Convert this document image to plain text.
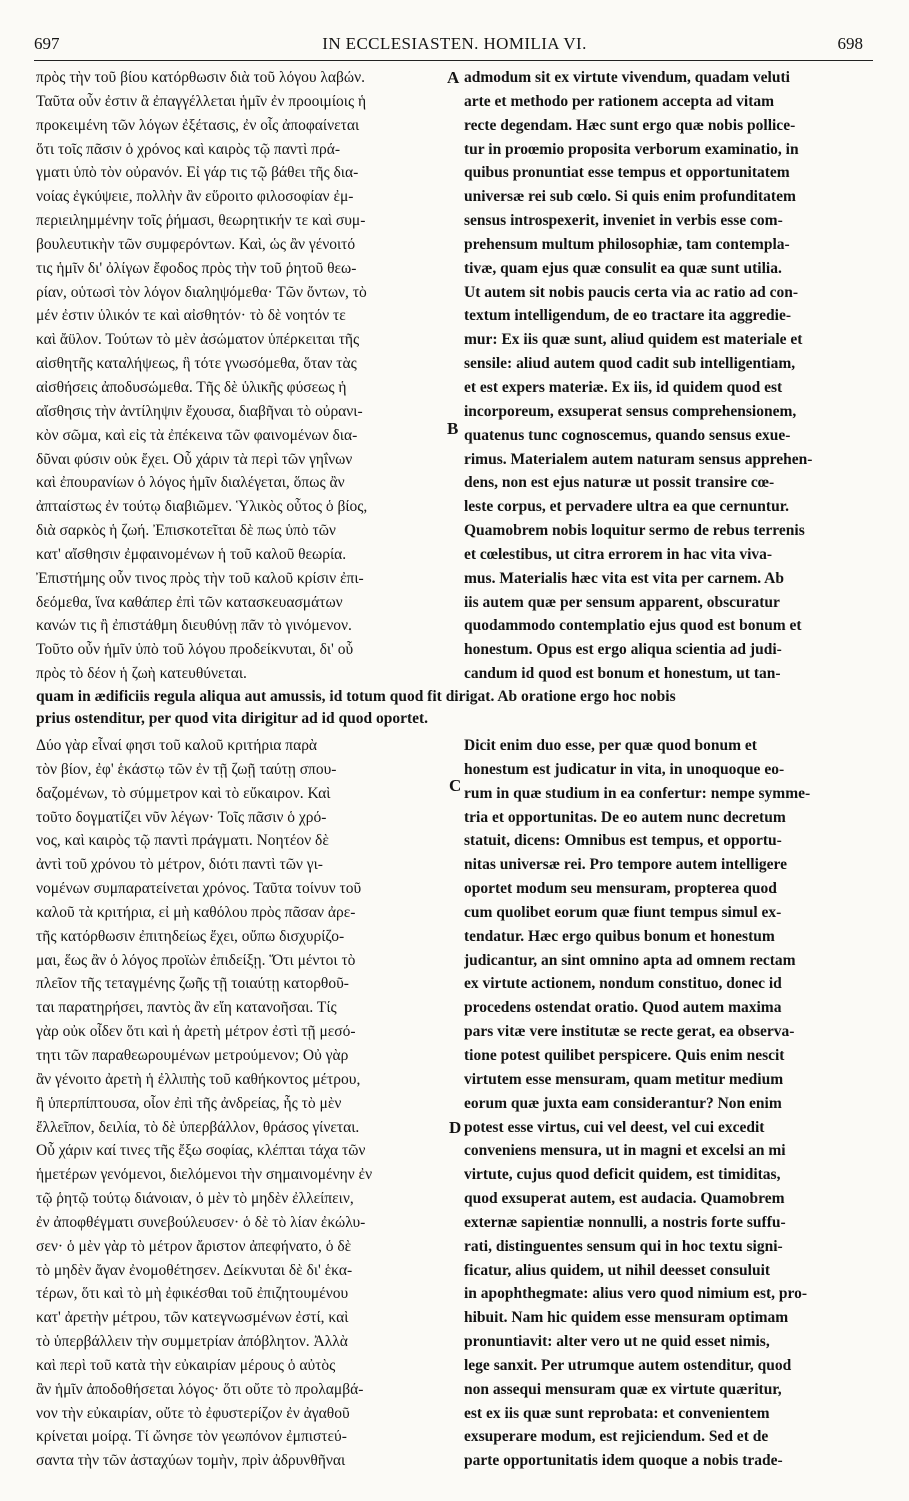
697	IN ECCLESIASTEN. HOMILIA VI.	698
A
B
C
D
πρὸς τὴν τοῦ βίου κατόρθωσιν διὰ τοῦ λόγου λαβών.
Ταῦτα οὖν ἐστιν ἃ ἐπαγγέλλεται ἡμῖν ἐν προοιμίοις ἡ
προκειμένη τῶν λόγων ἐξέτασις, ἐν οἷς ἀποφαίνεται
ὅτι τοῖς πᾶσιν ὁ χρόνος καὶ καιρὸς τῷ παντὶ πρά-
γματι ὑπὸ τὸν οὐρανόν. Εἰ γάρ τις τῷ βάθει τῆς δια-
νοίας ἐγκύψειε, πολλὴν ἂν εὕροιτο φιλοσοφίαν ἐμ-
περιειλημμένην τοῖς ῥήμασι, θεωρητικήν τε καὶ συμ-
βουλευτικὴν τῶν συμφερόντων. Καὶ, ὡς ἂν γένοιτό
τις ἡμῖν δι' ὀλίγων ἔφοδος πρὸς τὴν τοῦ ῥητοῦ θεω-
ρίαν, οὑτωσὶ τὸν λόγον διαληψόμεθα· Τῶν ὄντων, τὸ
μέν ἐστιν ὑλικόν τε καὶ αἰσθητόν· τὸ δὲ νοητόν τε
καὶ ἄϋλον. Τούτων τὸ μὲν ἀσώματον ὑπέρκειται τῆς
αἰσθητῆς καταλήψεως, ἣ τότε γνωσόμεθα, ὅταν τὰς
αἰσθήσεις ἀποδυσώμεθα. Τῆς δὲ ὑλικῆς φύσεως ἡ
αἴσθησις τὴν ἀντίληψιν ἔχουσα, διαβῆναι τὸ οὐρανι-
κὸν σῶμα, καὶ εἰς τὰ ἐπέκεινα τῶν φαινομένων δια-
δῦναι φύσιν οὐκ ἔχει. Οὗ χάριν τὰ περὶ τῶν γηΐνων
καὶ ἐπουρανίων ὁ λόγος ἡμῖν διαλέγεται, ὅπως ἂν
ἀπταίστως ἐν τούτῳ διαβιῶμεν. Ὑλικὸς οὗτος ὁ βίος,
διὰ σαρκὸς ἡ ζωή. Ἐπισκοτεῖται δὲ πως ὑπὸ τῶν
κατ' αἴσθησιν ἐμφαινομένων ἡ τοῦ καλοῦ θεωρία.
Ἐπιστήμης οὖν τινος πρὸς τὴν τοῦ καλοῦ κρίσιν ἐπι-
δεόμεθα, ἵνα καθάπερ ἐπὶ τῶν κατασκευασμάτων
κανών τις ἢ ἐπιστάθμη διευθύνῃ πᾶν τὸ γινόμενον.
Τοῦτο οὖν ἡμῖν ὑπὸ τοῦ λόγου προδείκνυται, δι' οὗ
πρὸς τὸ δέον ἡ ζωὴ κατευθύνεται.
admodum sit ex virtute vivendum, quadam veluti
arte et methodo per rationem accepta ad vitam
recte degendam. Hæc sunt ergo quæ nobis pollice-
tur in proœmio proposita verborum examinatio, in
quibus pronuntiat esse tempus et opportunitatem
universæ rei sub cœlo. Si quis enim profunditatem
sensus introspexerit, inveniet in verbis esse com-
prehensum multum philosophiæ, tam contempla-
tivæ, quam ejus quæ consulit ea quæ sunt utilia.
Ut autem sit nobis paucis certa via ac ratio ad con-
textum intelligendum, de eo tractare ita aggredie-
mur: Ex iis quæ sunt, aliud quidem est materiale et
sensile: aliud autem quod cadit sub intelligentiam,
et est expers materiæ. Ex iis, id quidem quod est
incorporeum, exsuperat sensus comprehensionem,
quatenus tunc cognoscemus, quando sensus exue-
rimus. Materialem autem naturam sensus apprehen-
dens, non est ejus naturæ ut possit transire cœ-
leste corpus, et pervadere ultra ea que cernuntur.
Quamobrem nobis loquitur sermo de rebus terrenis
et cœlestibus, ut citra errorem in hac vita viva-
mus. Materialis hæc vita est vita per carnem. Ab
iis autem quæ per sensum apparent, obscuratur
quodammodo contemplatio ejus quod est bonum et
honestum. Opus est ergo aliqua scientia ad judi-
candum id quod est bonum et honestum, ut tan-
quam in ædificiis regula aliqua aut amussis, id totum quod fit dirigat. Ab oratione ergo hoc nobis
prius ostenditur, per quod vita dirigitur ad id quod oportet.
Δύο γὰρ εἶναί φησι τοῦ καλοῦ κριτήρια παρὰ
τὸν βίον, ἐφ' ἑκάστῳ τῶν ἐν τῇ ζωῇ ταύτῃ σπου-
δαζομένων, τὸ σύμμετρον καὶ τὸ εὔκαιρον. Καὶ
τοῦτο δογματίζει νῦν λέγων· Τοῖς πᾶσιν ὁ χρό-
νος, καὶ καιρὸς τῷ παντὶ πράγματι. Νοητέον δὲ
ἀντὶ τοῦ χρόνου τὸ μέτρον, διότι παντὶ τῶν γι-
νομένων συμπαρατείνεται χρόνος. Ταῦτα τοίνυν τοῦ
καλοῦ τὰ κριτήρια, εἰ μὴ καθόλου πρὸς πᾶσαν ἀρε-
τῆς κατόρθωσιν ἐπιτηδείως ἔχει, οὔπω δισχυρίζο-
μαι, ἕως ἂν ὁ λόγος προϊὼν ἐπιδείξῃ. Ὅτι μέντοι τὸ
πλεῖον τῆς τεταγμένης ζωῆς τῇ τοιαύτῃ κατορθοῦ-
ται παρατηρήσει, παντὸς ἂν εἴη κατανοῆσαι. Τίς
γὰρ οὐκ οἶδεν ὅτι καὶ ἡ ἀρετὴ μέτρον ἐστὶ τῇ μεσό-
τητι τῶν παραθεωρουμένων μετρούμενον; Οὐ γὰρ
ἂν γένοιτο ἀρετὴ ἡ ἐλλιπὴς τοῦ καθήκοντος μέτρου,
ἢ ὑπερπίπτουσα, οἷον ἐπὶ τῆς ἀνδρείας, ἧς τὸ μὲν
ἔλλεῖπον, δειλία, τὸ δὲ ὑπερβάλλον, θράσος γίνεται.
Οὗ χάριν καί τινες τῆς ἔξω σοφίας, κλέπται τάχα τῶν
ἡμετέρων γενόμενοι, διελόμενοι τὴν σημαινομένην ἐν
τῷ ῥητῷ τούτῳ διάνοιαν, ὁ μὲν τὸ μηδὲν ἐλλείπειν,
ἐν ἀποφθέγματι συνεβούλευσεν· ὁ δὲ τὸ λίαν ἐκώλυ-
σεν· ὁ μὲν γὰρ τὸ μέτρον ἄριστον ἀπεφήνατο, ὁ δὲ
τὸ μηδὲν ἄγαν ἐνομοθέτησεν. Δείκνυται δὲ δι' ἑκα-
τέρων, ὅτι καὶ τὸ μὴ ἐφικέσθαι τοῦ ἐπιζητουμένου
κατ' ἀρετὴν μέτρου, τῶν κατεγνωσμένων ἐστί, καὶ
τὸ ὑπερβάλλειν τὴν συμμετρίαν ἀπόβλητον. Ἀλλὰ
καὶ περὶ τοῦ κατὰ τὴν εὐκαιρίαν μέρους ὁ αὐτὸς
ἂν ἡμῖν ἀποδοθήσεται λόγος· ὅτι οὔτε τὸ προλαμβά-
νον τὴν εὐκαιρίαν, οὔτε τὸ ἐφυστερίζον ἐν ἀγαθοῦ
κρίνεται μοίρᾳ. Τί ὤνησε τὸν γεωπόνον ἐμπιστεύ-
σαντα τὴν τῶν ἀσταχύων τομὴν, πρὶν ἀδρυνθῆναι
Dicit enim duo esse, per quæ quod bonum et
honestum est judicatur in vita, in unoquoque eo-
rum in quæ studium in ea confertur: nempe symme-
tria et opportunitas. De eo autem nunc decretum
statuit, dicens: Omnibus est tempus, et opportu-
nitas universæ rei. Pro tempore autem intelligere
oportet modum seu mensuram, propterea quod
cum quolibet eorum quæ fiunt tempus simul ex-
tendatur. Hæc ergo quibus bonum et honestum
judicantur, an sint omnino apta ad omnem rectam
ex virtute actionem, nondum constituo, donec id
procedens ostendat oratio. Quod autem maxima
pars vitæ vere institutæ se recte gerat, ea observa-
tione potest quilibet perspicere. Quis enim nescit
virtutem esse mensuram, quam metitur medium
eorum quæ juxta eam considerantur? Non enim
potest esse virtus, cui vel deest, vel cui excedit
conveniens mensura, ut in magni et excelsi an mi
virtute, cujus quod deficit quidem, est timiditas,
quod exsuperat autem, est audacia. Quamobrem
externæ sapientiæ nonnulli, a nostris forte suffu-
rati, distinguentes sensum qui in hoc textu signi-
ficatur, alius quidem, ut nihil deesset consuluit
in apophthegmate: alius vero quod nimium est, pro-
hibuit. Nam hic quidem esse mensuram optimam
pronuntiavit: alter vero ut ne quid esset nimis,
lege sanxit. Per utrumque autem ostenditur, quod
non assequi mensuram quæ ex virtute quæritur,
est ex iis quæ sunt reprobata: et convenientem
exsuperare modum, est rejiciendum. Sed et de
parte opportunitatis idem quoque a nobis trade-
